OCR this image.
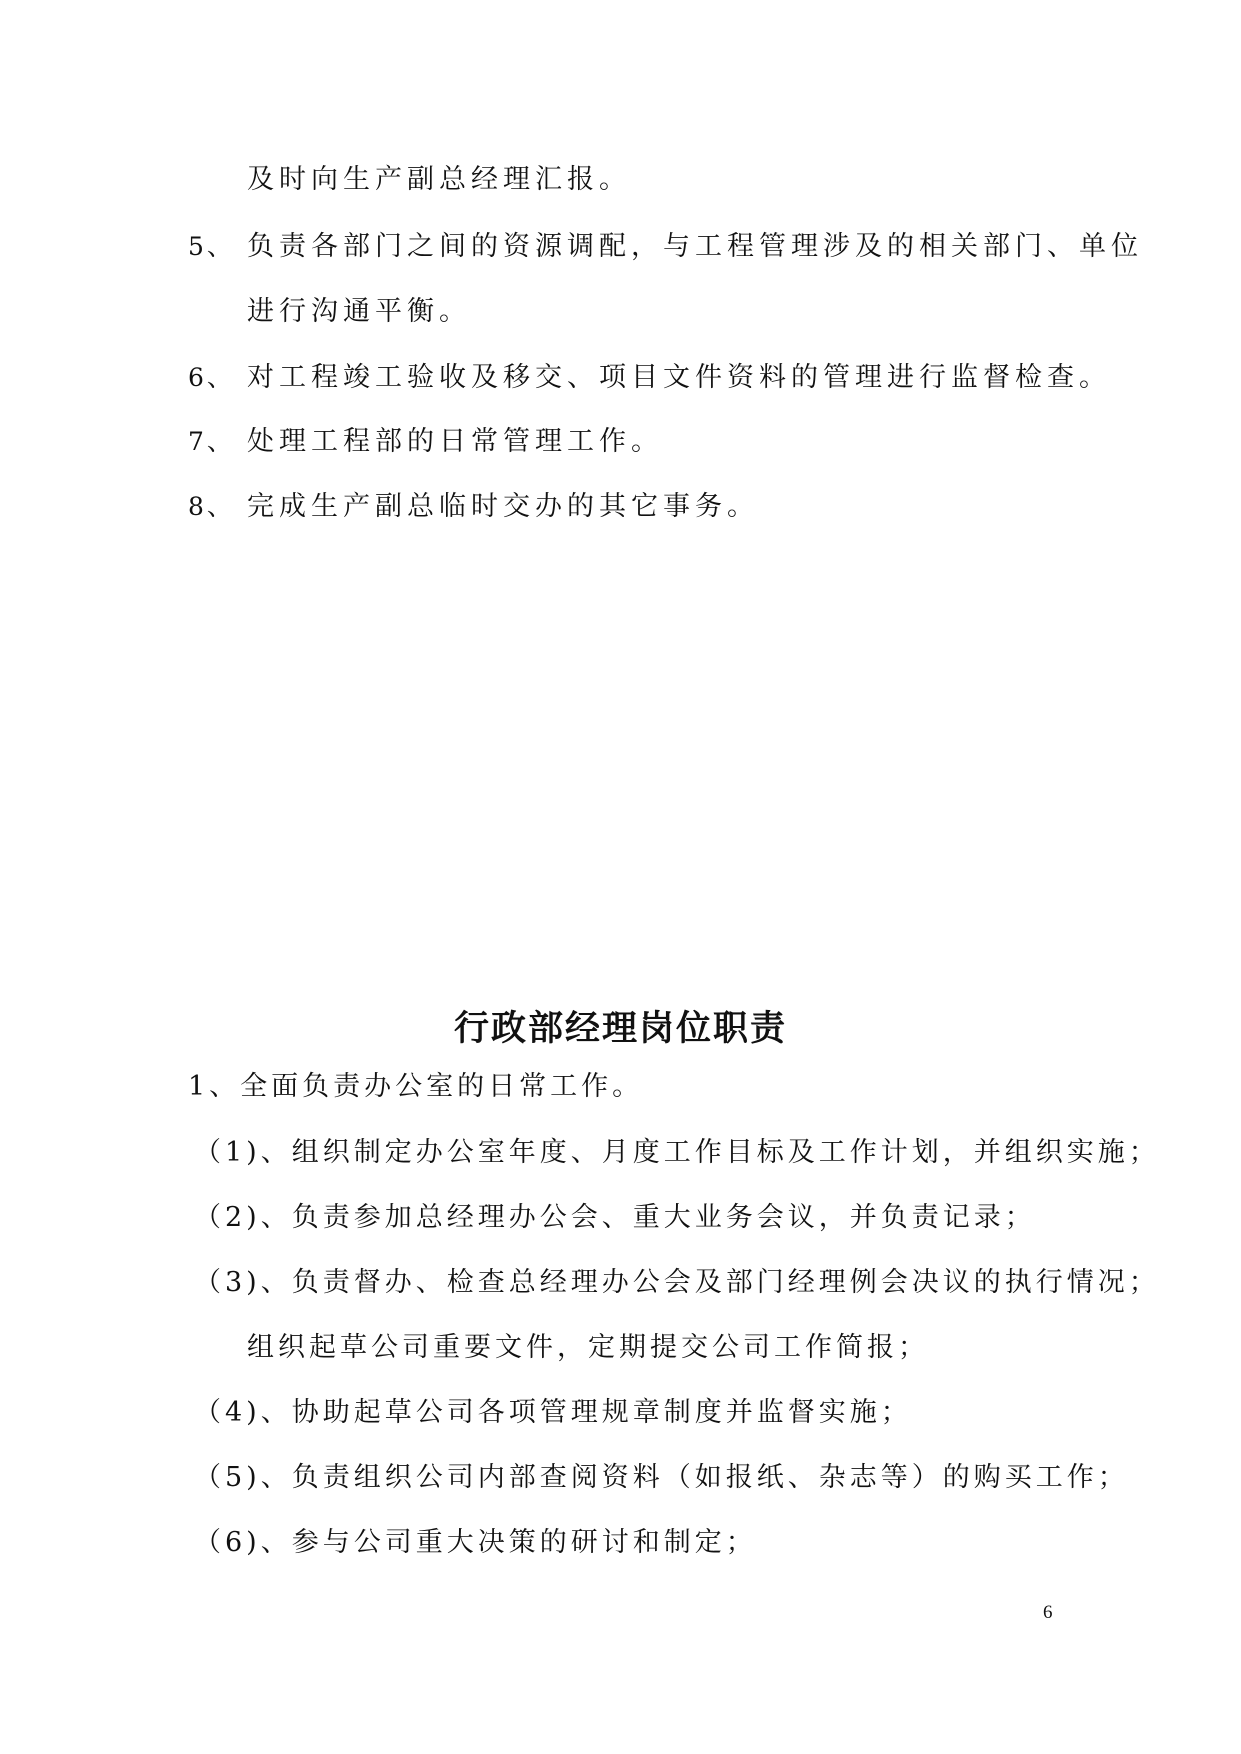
及时向生产副总经理汇报。
5、 负责各部门之间的资源调配，与工程管理涉及的相关部门、单位
进行沟通平衡。
6、 对工程竣工验收及移交、项目文件资料的管理进行监督检查。
7、 处理工程部的日常管理工作。
8、 完成生产副总临时交办的其它事务。
行政部经理岗位职责
1、全面负责办公室的日常工作。
（1)、组织制定办公室年度、月度工作目标及工作计划，并组织实施；
（2)、负责参加总经理办公会、重大业务会议，并负责记录；
（3)、负责督办、检查总经理办公会及部门经理例会决议的执行情况；
组织起草公司重要文件，定期提交公司工作简报；
（4)、协助起草公司各项管理规章制度并监督实施；
（5)、负责组织公司内部查阅资料（如报纸、杂志等）的购买工作；
（6)、参与公司重大决策的研讨和制定；
6
